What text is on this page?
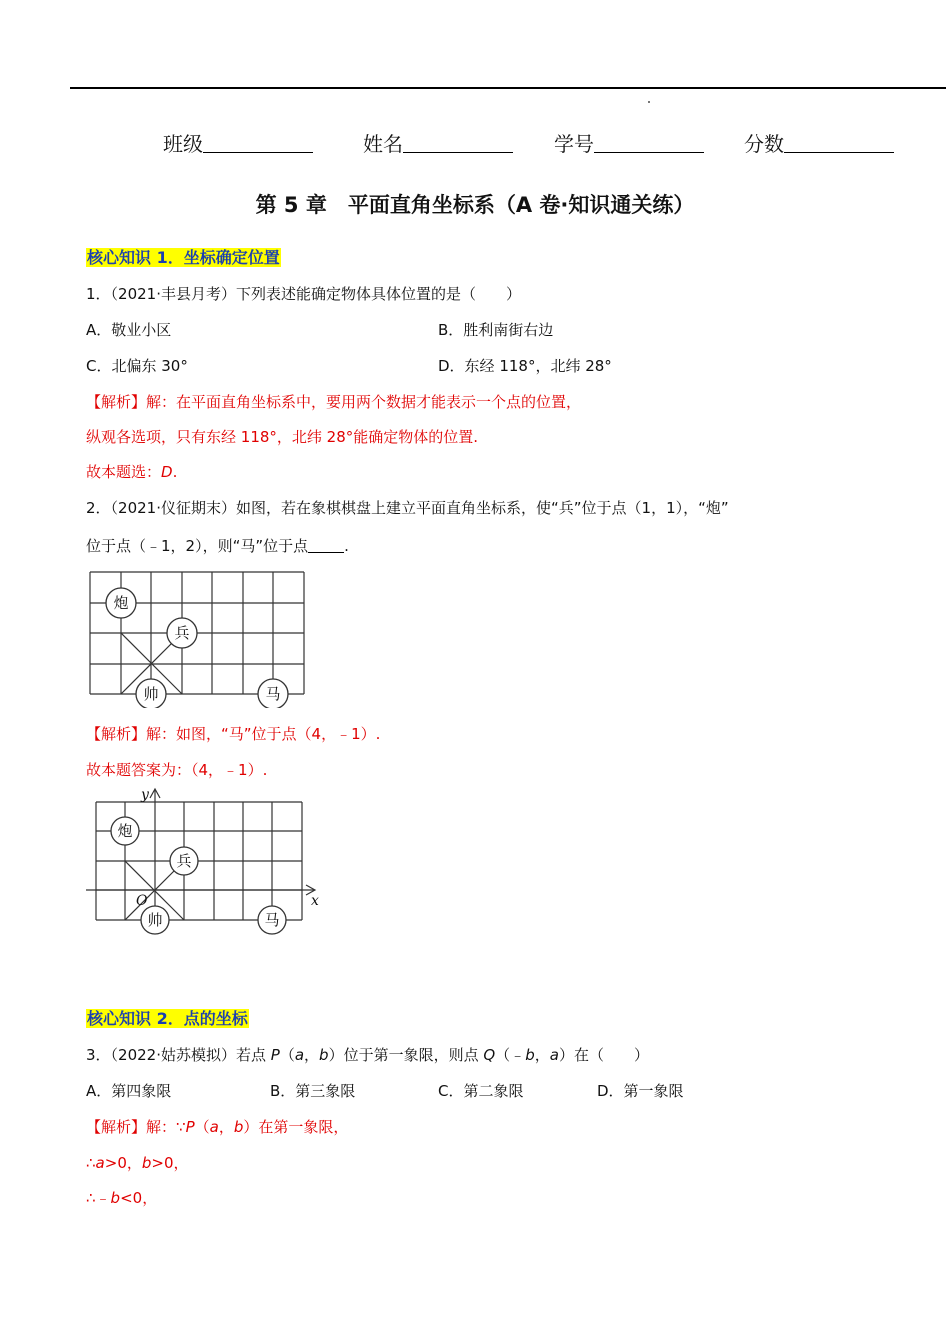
班级	姓名	学号	分数
第 5 章　平面直角坐标系（A 卷·知识通关练）
核心知识 1．坐标确定位置
1．（2021·丰县月考）下列表述能确定物体具体位置的是（　　）
A．敬业小区	B．胜利南街右边
C．北偏东 30°	D．东经 118°，北纬 28°
【解析】解：在平面直角坐标系中，要用两个数据才能表示一个点的位置，
纵观各选项，只有东经 118°，北纬 28°能确定物体的位置.
故本题选：D.
2．（2021·仪征期末）如图，若在象棋棋盘上建立平面直角坐标系，使“兵”位于点（1，1），“炮”
位于点（﹣1，2），则“马”位于点 .
炮
兵
帅	马
【解析】解：如图，“马”位于点（4，﹣1）.
故本题答案为：（4，﹣1）.
x
y
O
炮
兵
帅	马
核心知识 2．点的坐标
3．（2022·姑苏模拟）若点 P（a，b）位于第一象限，则点 Q（﹣b，a）在（　　）
A．第四象限	B．第三象限	C．第二象限	D．第一象限
【解析】解：∵P（a，b）在第一象限，
∴a>0，b>0，
∴﹣b<0，
